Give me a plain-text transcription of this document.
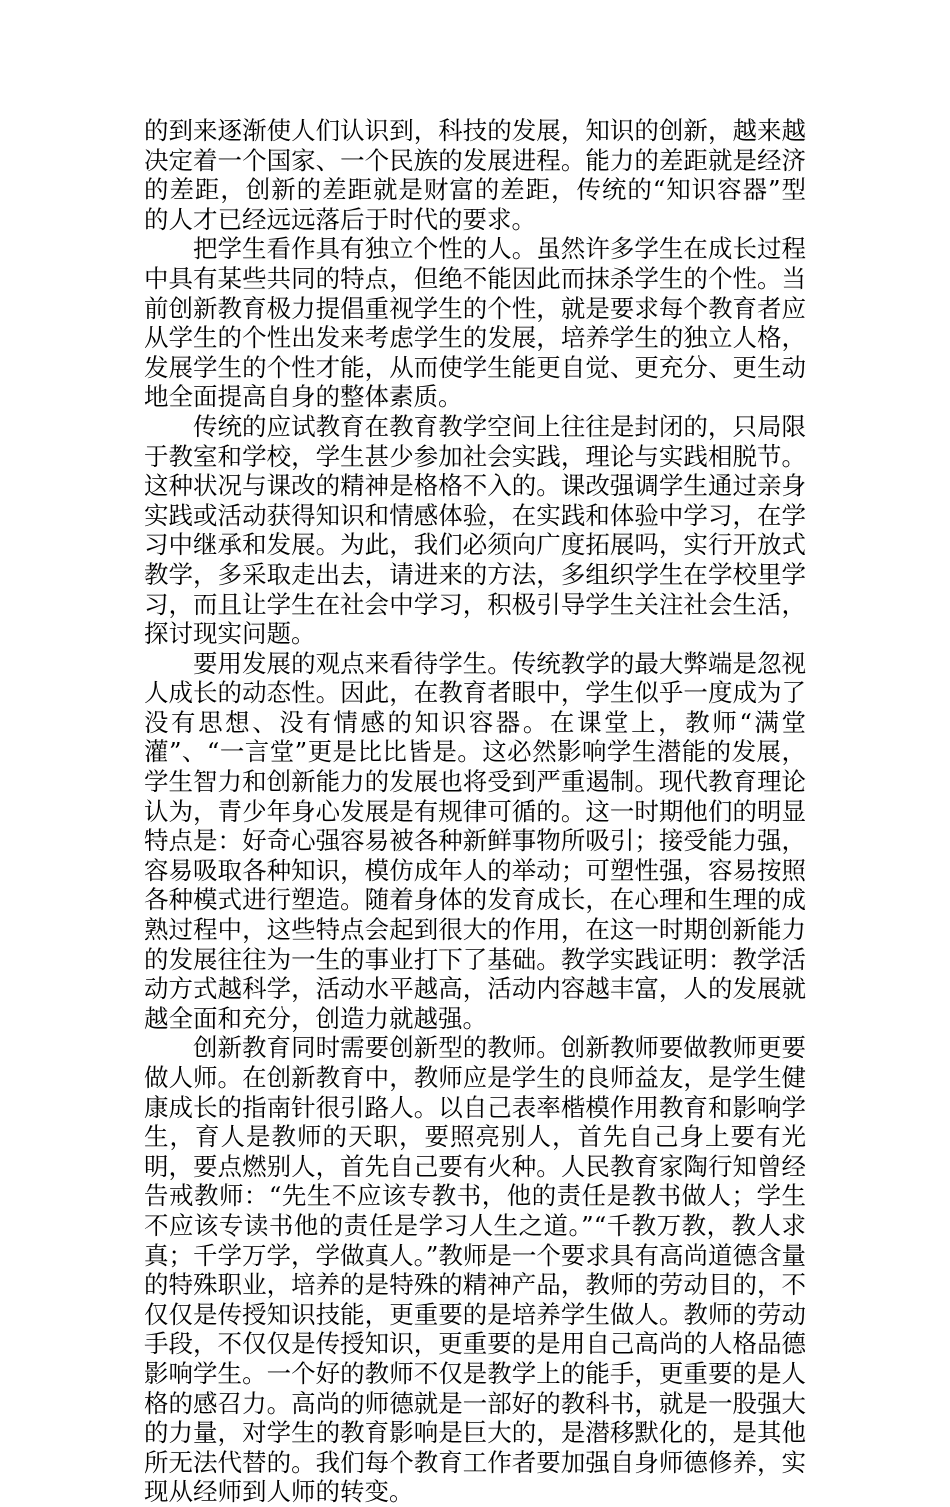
的到来逐渐使人们认识到，科技的发展，知识的创新，越来越决定着一个国家、一个民族的发展进程。能力的差距就是经济的差距，创新的差距就是财富的差距，传统的“知识容器”型的人才已经远远落后于时代的要求。

把学生看作具有独立个性的人。虽然许多学生在成长过程中具有某些共同的特点，但绝不能因此而抹杀学生的个性。当前创新教育极力提倡重视学生的个性，就是要求每个教育者应从学生的个性出发来考虑学生的发展，培养学生的独立人格，发展学生的个性才能，从而使学生能更自觉、更充分、更生动地全面提高自身的整体素质。

传统的应试教育在教育教学空间上往往是封闭的，只局限于教室和学校，学生甚少参加社会实践，理论与实践相脱节。这种状况与课改的精神是格格不入的。课改强调学生通过亲身实践或活动获得知识和情感体验，在实践和体验中学习，在学习中继承和发展。为此，我们必须向广度拓展吗，实行开放式教学，多采取走出去，请进来的方法，多组织学生在学校里学习，而且让学生在社会中学习，积极引导学生关注社会生活，探讨现实问题。

要用发展的观点来看待学生。传统教学的最大弊端是忽视人成长的动态性。因此，在教育者眼中，学生似乎一度成为了没有思想、没有情感的知识容器。在课堂上，教师“满堂灌”、“一言堂”更是比比皆是。这必然影响学生潜能的发展，学生智力和创新能力的发展也将受到严重遏制。现代教育理论认为，青少年身心发展是有规律可循的。这一时期他们的明显特点是：好奇心强容易被各种新鲜事物所吸引；接受能力强，容易吸取各种知识，模仿成年人的举动；可塑性强，容易按照各种模式进行塑造。随着身体的发育成长，在心理和生理的成熟过程中，这些特点会起到很大的作用，在这一时期创新能力的发展往往为一生的事业打下了基础。教学实践证明：教学活动方式越科学，活动水平越高，活动内容越丰富，人的发展就越全面和充分，创造力就越强。

创新教育同时需要创新型的教师。创新教师要做教师更要做人师。在创新教育中，教师应是学生的良师益友，是学生健康成长的指南针很引路人。以自己表率楷模作用教育和影响学生，育人是教师的天职，要照亮别人，首先自己身上要有光明，要点燃别人，首先自己要有火种。人民教育家陶行知曾经告戒教师：“先生不应该专教书，他的责任是教书做人；学生不应该专读书他的责任是学习人生之道。”“千教万教，教人求真；千学万学，学做真人。”教师是一个要求具有高尚道德含量的特殊职业，培养的是特殊的精神产品，教师的劳动目的，不仅仅是传授知识技能，更重要的是培养学生做人。教师的劳动手段，不仅仅是传授知识，更重要的是用自己高尚的人格品德影响学生。一个好的教师不仅是教学上的能手，更重要的是人格的感召力。高尚的师德就是一部好的教科书，就是一股强大的力量，对学生的教育影响是巨大的，是潜移默化的，是其他所无法代替的。我们每个教育工作者要加强自身师德修养，实现从经师到人师的转变。
